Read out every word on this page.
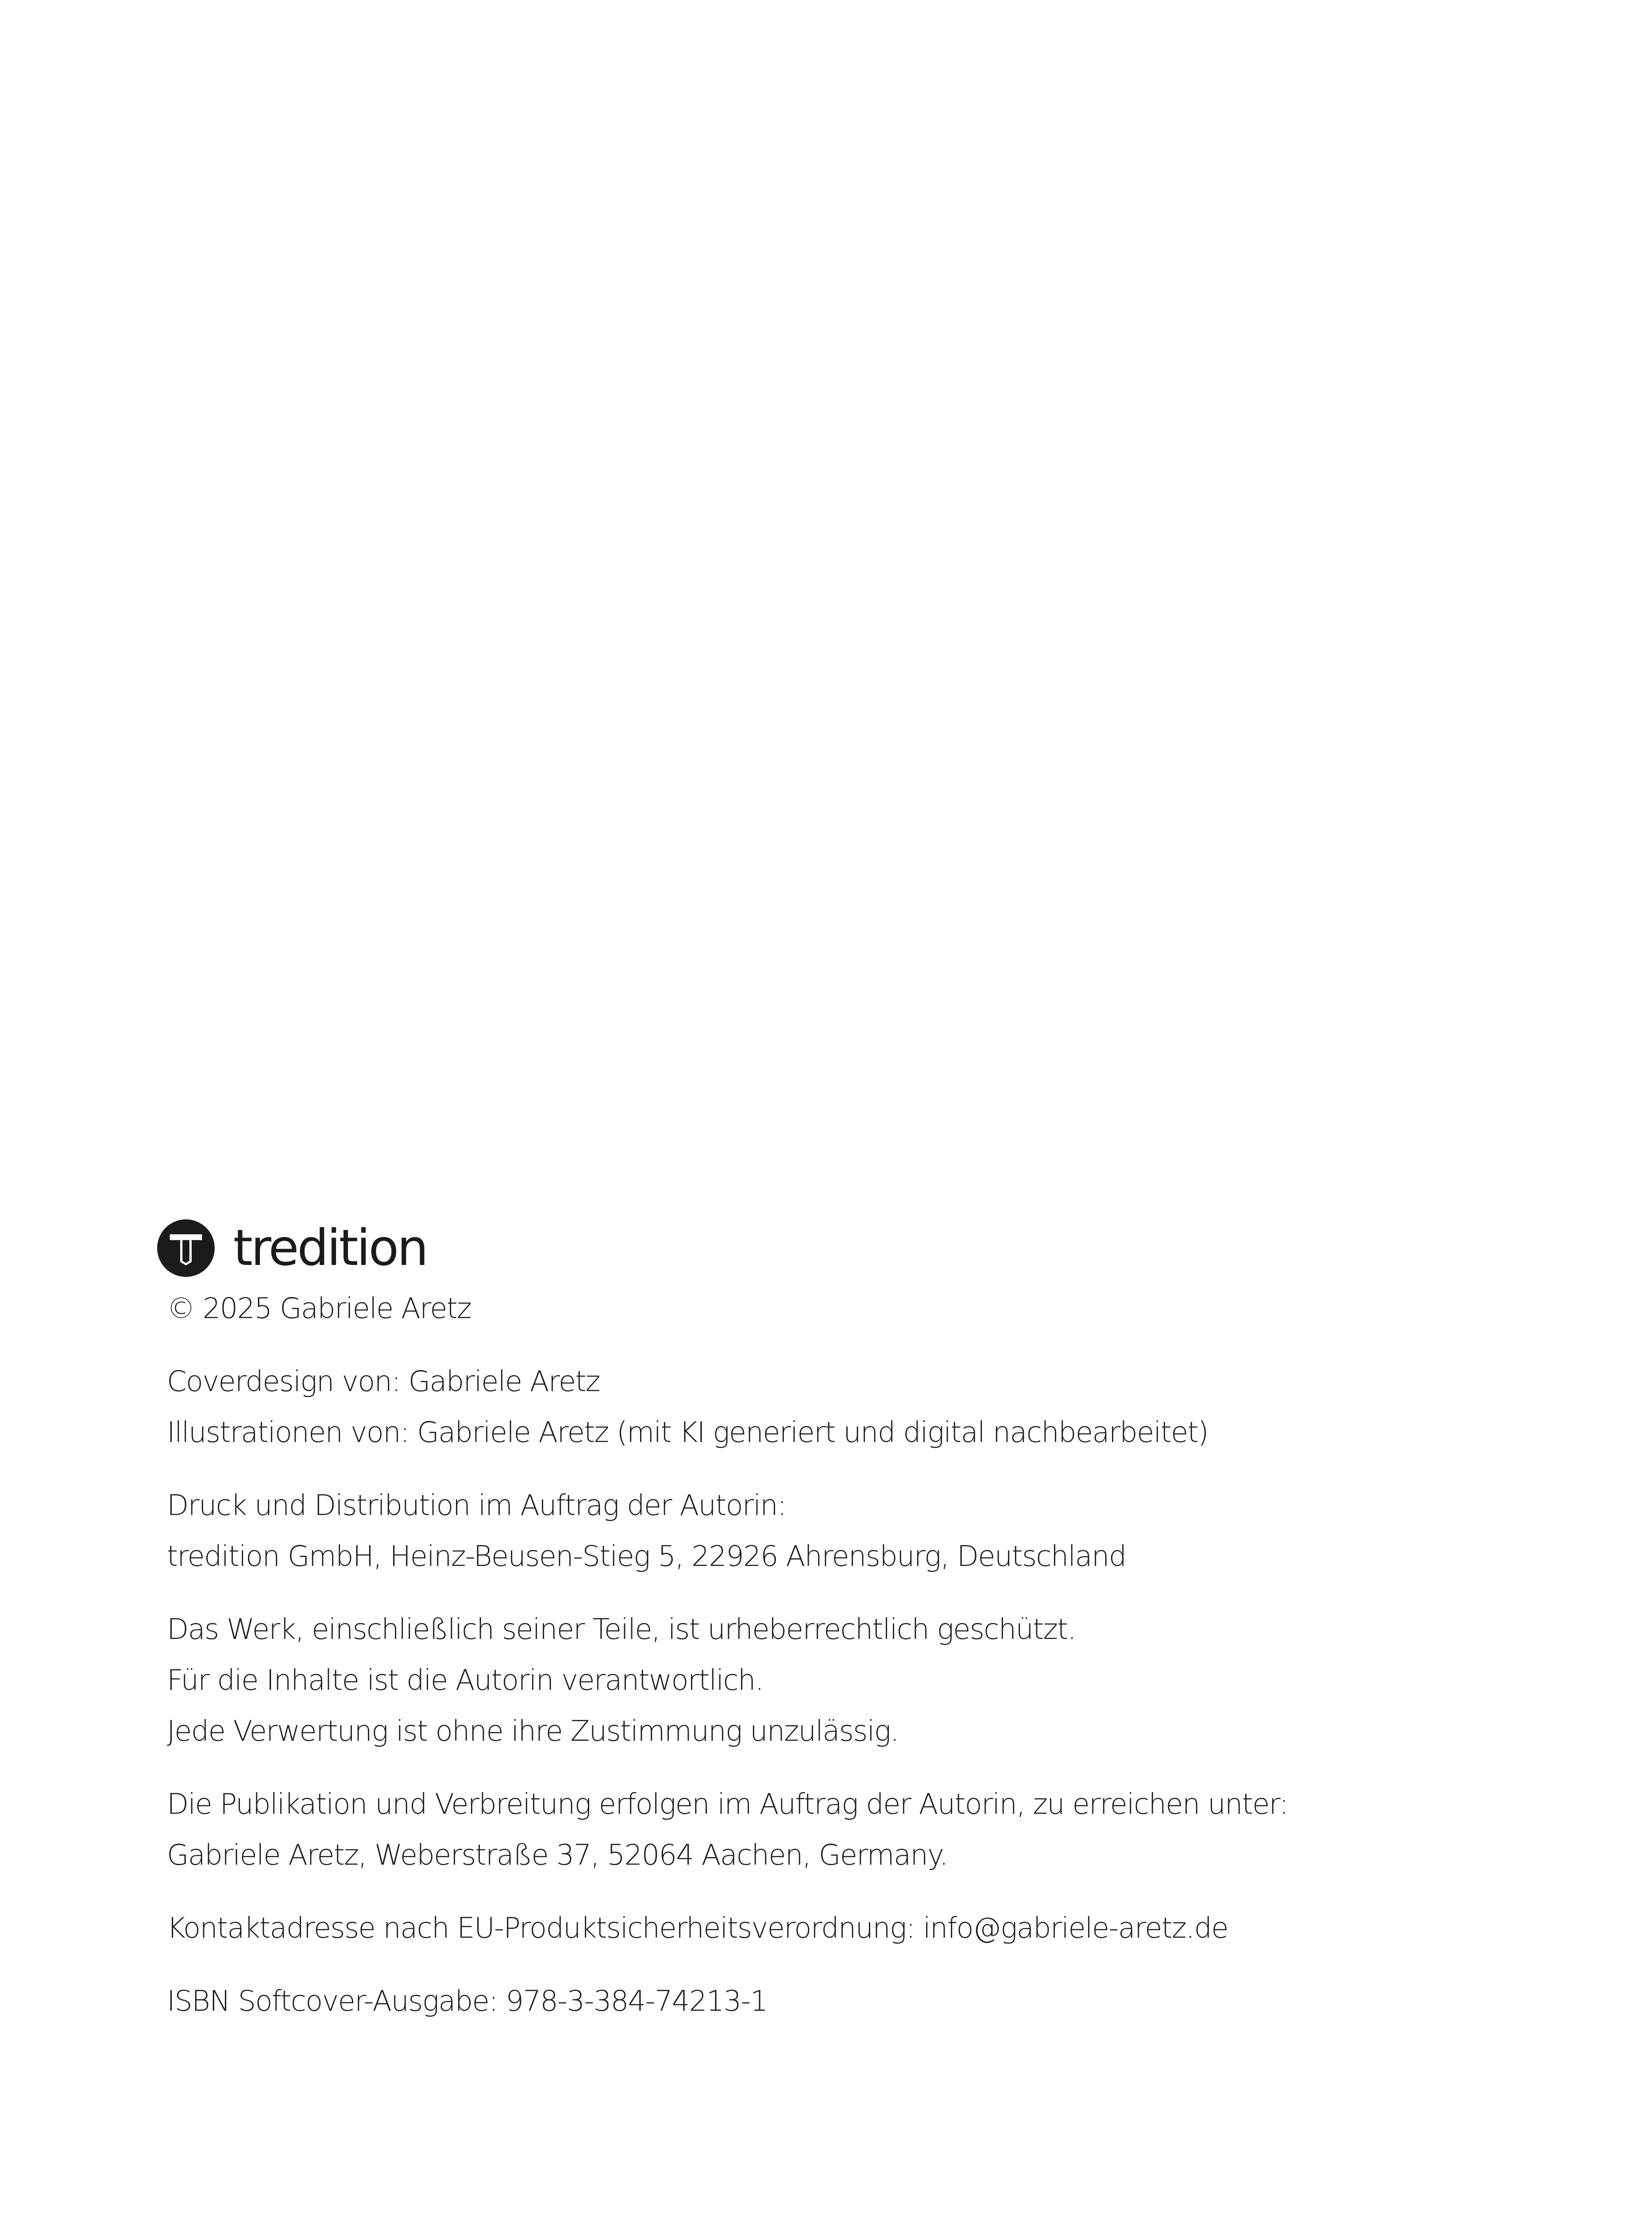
tredition
© 2025 Gabriele Aretz
Coverdesign von: Gabriele Aretz
Illustrationen von: Gabriele Aretz (mit KI generiert und digital nachbearbeitet)
Druck und Distribution im Auftrag der Autorin:
tredition GmbH, Heinz-Beusen-Stieg 5, 22926 Ahrensburg, Deutschland
Das Werk, einschließlich seiner Teile, ist urheberrechtlich geschützt.
Für die Inhalte ist die Autorin verantwortlich.
Jede Verwertung ist ohne ihre Zustimmung unzulässig.
Die Publikation und Verbreitung erfolgen im Auftrag der Autorin, zu erreichen unter:
Gabriele Aretz, Weberstraße 37, 52064 Aachen, Germany.
Kontaktadresse nach EU-Produktsicherheitsverordnung: info@gabriele-aretz.de
ISBN Softcover-Ausgabe: 978-3-384-74213-1
